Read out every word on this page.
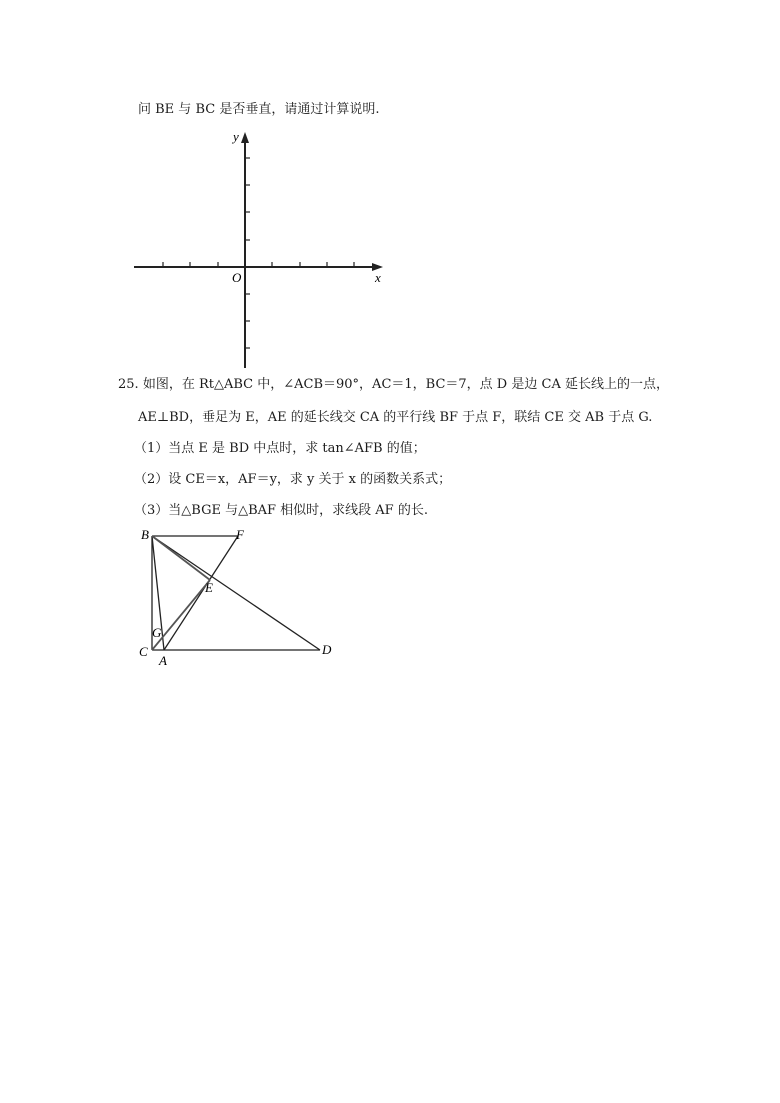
问 BE 与 BC 是否垂直，请通过计算说明.
y
x
O
25. 如图，在 Rt△ABC 中，∠ACB＝90°，AC＝1，BC＝7，点 D 是边 CA 延长线上的一点，
AE⊥BD，垂足为 E，AE 的延长线交 CA 的平行线 BF 于点 F，联结 CE 交 AB 于点 G.
（1）当点 E 是 BD 中点时，求 tan∠AFB 的值；
（2）设 CE＝x，AF＝y，求 y 关于 x 的函数关系式；
（3）当△BGE 与△BAF 相似时，求线段 AF 的长.
B	F
E
G
C
A
D
